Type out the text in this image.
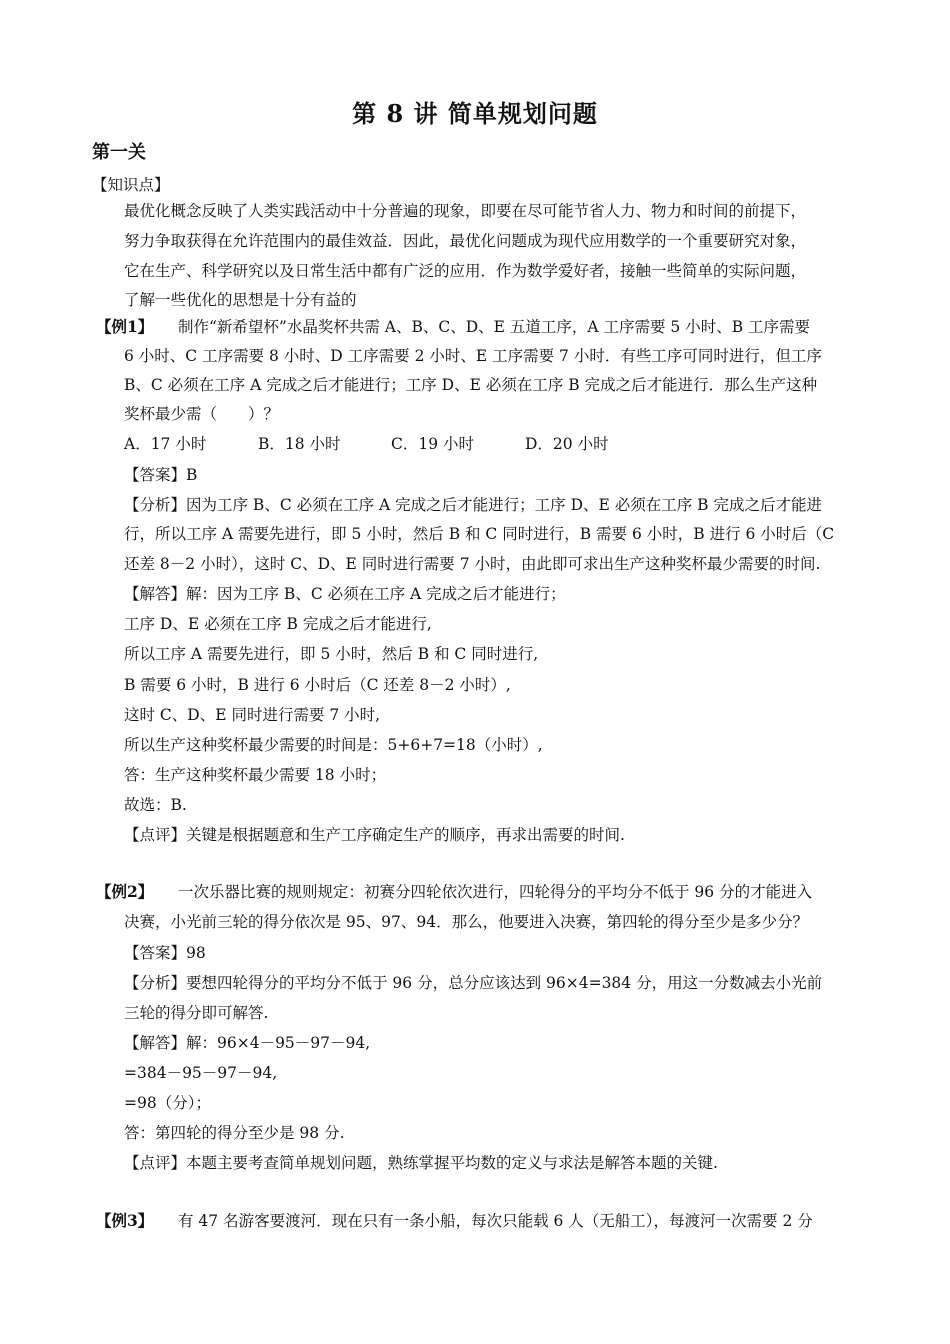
第 8 讲 简单规划问题
第一关
【知识点】
最优化概念反映了人类实践活动中十分普遍的现象，即要在尽可能节省人力、物力和时间的前提下，
努力争取获得在允许范围内的最佳效益．因此，最优化问题成为现代应用数学的一个重要研究对象，
它在生产、科学研究以及日常生活中都有广泛的应用．作为数学爱好者，接触一些简单的实际问题，
了解一些优化的思想是十分有益的
【例1】 制作“新希望杯”水晶奖杯共需 A、B、C、D、E 五道工序，A 工序需要 5 小时、B 工序需要
6 小时、C 工序需要 8 小时、D 工序需要 2 小时、E 工序需要 7 小时．有些工序可同时进行，但工序
B、C 必须在工序 A 完成之后才能进行；工序 D、E 必须在工序 B 完成之后才能进行．那么生产这种
奖杯最少需（　　）？
A．17 小时	B．18 小时	C．19 小时	D．20 小时
【答案】B
【分析】因为工序 B、C 必须在工序 A 完成之后才能进行；工序 D、E 必须在工序 B 完成之后才能进
行，所以工序 A 需要先进行，即 5 小时，然后 B 和 C 同时进行，B 需要 6 小时，B 进行 6 小时后（C
还差 8－2 小时），这时 C、D、E 同时进行需要 7 小时，由此即可求出生产这种奖杯最少需要的时间.
【解答】解：因为工序 B、C 必须在工序 A 完成之后才能进行；
工序 D、E 必须在工序 B 完成之后才能进行,
所以工序 A 需要先进行，即 5 小时，然后 B 和 C 同时进行,
B 需要 6 小时，B 进行 6 小时后（C 还差 8－2 小时）,
这时 C、D、E 同时进行需要 7 小时,
所以生产这种奖杯最少需要的时间是：5+6+7=18（小时）,
答：生产这种奖杯最少需要 18 小时；
故选：B.
【点评】关键是根据题意和生产工序确定生产的顺序，再求出需要的时间.
【例2】 一次乐器比赛的规则规定：初赛分四轮依次进行，四轮得分的平均分不低于 96 分的才能进入
决赛，小光前三轮的得分依次是 95、97、94．那么，他要进入决赛，第四轮的得分至少是多少分？
【答案】98
【分析】要想四轮得分的平均分不低于 96 分，总分应该达到 96×4=384 分，用这一分数减去小光前
三轮的得分即可解答.
【解答】解：96×4－95－97－94,
=384－95－97－94,
=98（分）；
答：第四轮的得分至少是 98 分.
【点评】本题主要考查简单规划问题，熟练掌握平均数的定义与求法是解答本题的关键.
【例3】 有 47 名游客要渡河．现在只有一条小船，每次只能载 6 人（无船工），每渡河一次需要 2 分
